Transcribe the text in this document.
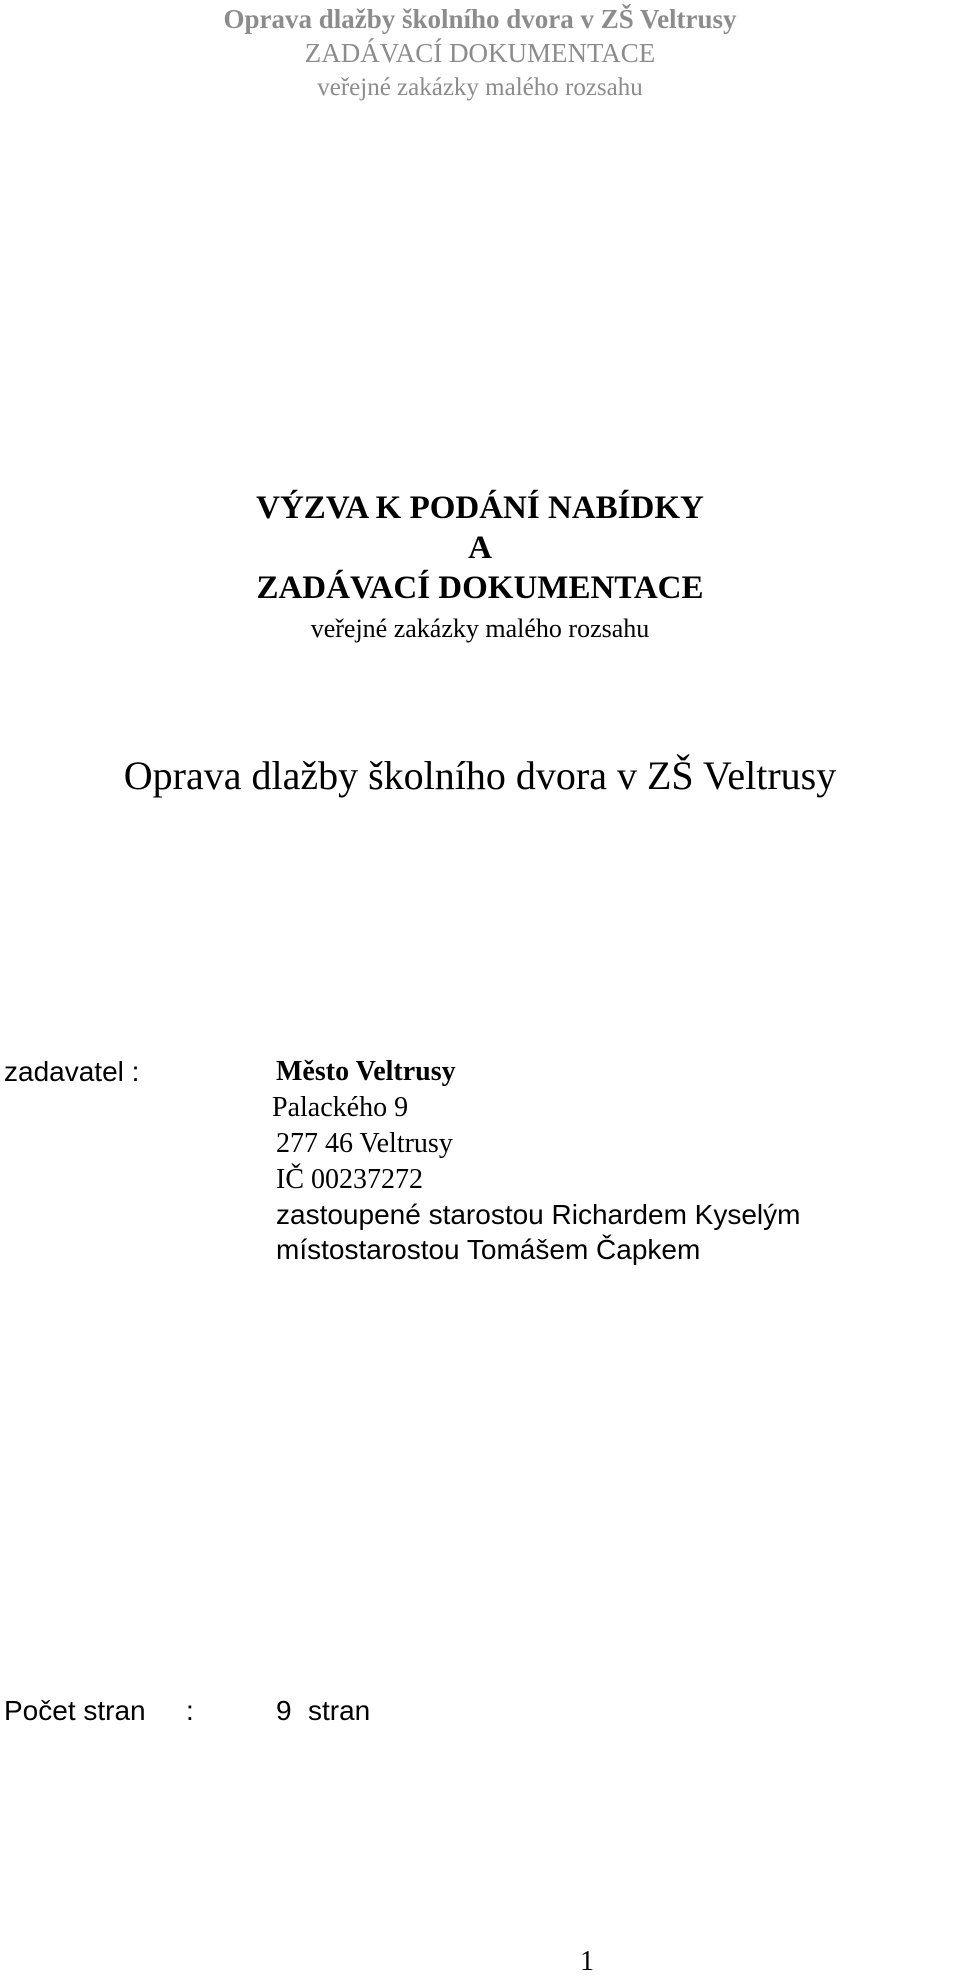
Oprava dlažby školního dvora v ZŠ Veltrusy
ZADÁVACÍ DOKUMENTACE
veřejné zakázky malého rozsahu
VÝZVA K PODÁNÍ NABÍDKY
A
ZADÁVACÍ DOKUMENTACE
veřejné zakázky malého rozsahu
Oprava dlažby školního dvora v ZŠ Veltrusy
zadavatel :	Město Veltrusy
Palackého 9
277 46 Veltrusy
IČ 00237272
zastoupené starostou Richardem Kyselým
místostarostou Tomášem Čapkem
Počet stran :	9 stran
1
